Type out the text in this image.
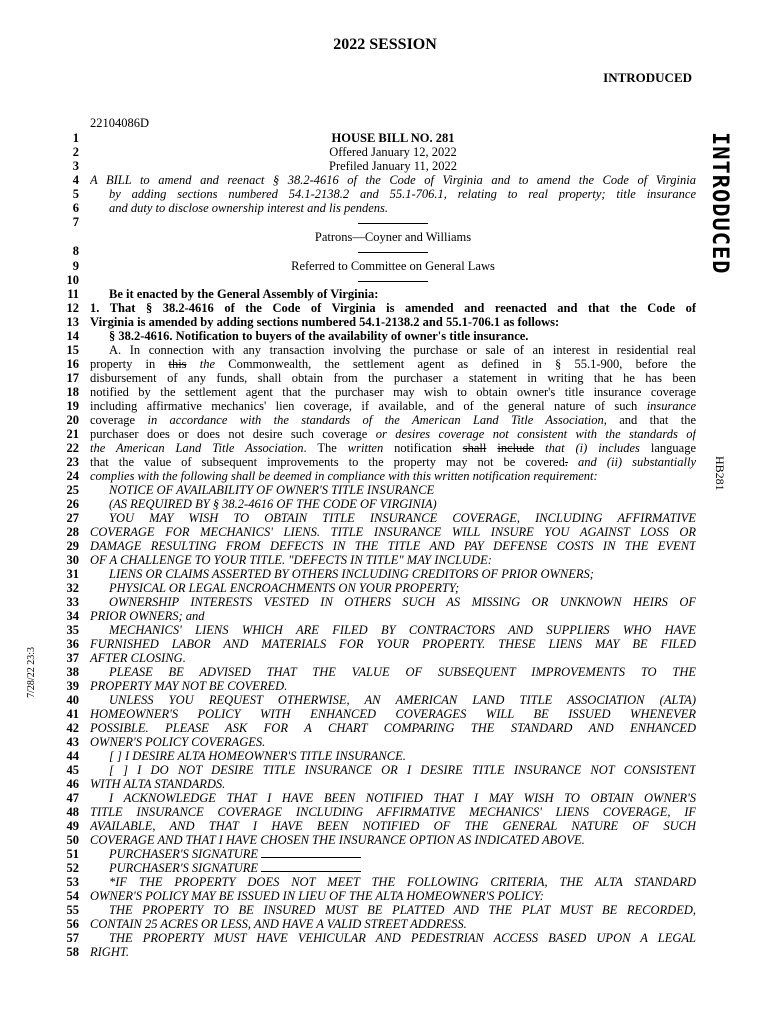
2022 SESSION
INTRODUCED
22104086D
INTRODUCED
HB281
7/28/22 23:3
1
2
3
4
5
6
7
8
9
10
11
12
13
14
15
16
17
18
19
20
21
22
23
24
25
26
27
28
29
30
31
32
33
34
35
36
37
38
39
40
41
42
43
44
45
46
47
48
49
50
51
52
53
54
55
56
57
58
HOUSE BILL NO. 281
Offered January 12, 2022
Prefiled January 11, 2022
A BILL to amend and reenact § 38.2-4616 of the Code of Virginia and to amend the Code of Virginia
by adding sections numbered 54.1-2138.2 and 55.1-706.1, relating to real property; title insurance
and duty to disclose ownership interest and lis pendens.
Patrons—Coyner and Williams
Referred to Committee on General Laws
Be it enacted by the General Assembly of Virginia:
1. That § 38.2-4616 of the Code of Virginia is amended and reenacted and that the Code of
Virginia is amended by adding sections numbered 54.1-2138.2 and 55.1-706.1 as follows:
§ 38.2-4616. Notification to buyers of the availability of owner's title insurance.
A. In connection with any transaction involving the purchase or sale of an interest in residential real
property in this the Commonwealth, the settlement agent as defined in § 55.1-900, before the
disbursement of any funds, shall obtain from the purchaser a statement in writing that he has been
notified by the settlement agent that the purchaser may wish to obtain owner's title insurance coverage
including affirmative mechanics' lien coverage, if available, and of the general nature of such insurance
coverage in accordance with the standards of the American Land Title Association, and that the
purchaser does or does not desire such coverage or desires coverage not consistent with the standards of
the American Land Title Association. The written notification shall include that (i) includes language
that the value of subsequent improvements to the property may not be covered. and (ii) substantially
complies with the following shall be deemed in compliance with this written notification requirement:
NOTICE OF AVAILABILITY OF OWNER'S TITLE INSURANCE
(AS REQUIRED BY § 38.2-4616 OF THE CODE OF VIRGINIA)
YOU MAY WISH TO OBTAIN TITLE INSURANCE COVERAGE, INCLUDING AFFIRMATIVE
COVERAGE FOR MECHANICS' LIENS. TITLE INSURANCE WILL INSURE YOU AGAINST LOSS OR
DAMAGE RESULTING FROM DEFECTS IN THE TITLE AND PAY DEFENSE COSTS IN THE EVENT
OF A CHALLENGE TO YOUR TITLE. "DEFECTS IN TITLE" MAY INCLUDE:
LIENS OR CLAIMS ASSERTED BY OTHERS INCLUDING CREDITORS OF PRIOR OWNERS;
PHYSICAL OR LEGAL ENCROACHMENTS ON YOUR PROPERTY;
OWNERSHIP INTERESTS VESTED IN OTHERS SUCH AS MISSING OR UNKNOWN HEIRS OF
PRIOR OWNERS; and
MECHANICS' LIENS WHICH ARE FILED BY CONTRACTORS AND SUPPLIERS WHO HAVE
FURNISHED LABOR AND MATERIALS FOR YOUR PROPERTY. THESE LIENS MAY BE FILED
AFTER CLOSING.
PLEASE BE ADVISED THAT THE VALUE OF SUBSEQUENT IMPROVEMENTS TO THE
PROPERTY MAY NOT BE COVERED.
UNLESS YOU REQUEST OTHERWISE, AN AMERICAN LAND TITLE ASSOCIATION (ALTA)
HOMEOWNER'S POLICY WITH ENHANCED COVERAGES WILL BE ISSUED WHENEVER
POSSIBLE. PLEASE ASK FOR A CHART COMPARING THE STANDARD AND ENHANCED
OWNER'S POLICY COVERAGES.
[ ] I DESIRE ALTA HOMEOWNER'S TITLE INSURANCE.
[ ] I DO NOT DESIRE TITLE INSURANCE OR I DESIRE TITLE INSURANCE NOT CONSISTENT
WITH ALTA STANDARDS.
I ACKNOWLEDGE THAT I HAVE BEEN NOTIFIED THAT I MAY WISH TO OBTAIN OWNER'S
TITLE INSURANCE COVERAGE INCLUDING AFFIRMATIVE MECHANICS' LIENS COVERAGE, IF
AVAILABLE, AND THAT I HAVE BEEN NOTIFIED OF THE GENERAL NATURE OF SUCH
COVERAGE AND THAT I HAVE CHOSEN THE INSURANCE OPTION AS INDICATED ABOVE.
PURCHASER'S SIGNATURE
PURCHASER'S SIGNATURE
*IF THE PROPERTY DOES NOT MEET THE FOLLOWING CRITERIA, THE ALTA STANDARD
OWNER'S POLICY MAY BE ISSUED IN LIEU OF THE ALTA HOMEOWNER'S POLICY:
THE PROPERTY TO BE INSURED MUST BE PLATTED AND THE PLAT MUST BE RECORDED,
CONTAIN 25 ACRES OR LESS, AND HAVE A VALID STREET ADDRESS.
THE PROPERTY MUST HAVE VEHICULAR AND PEDESTRIAN ACCESS BASED UPON A LEGAL
RIGHT.
